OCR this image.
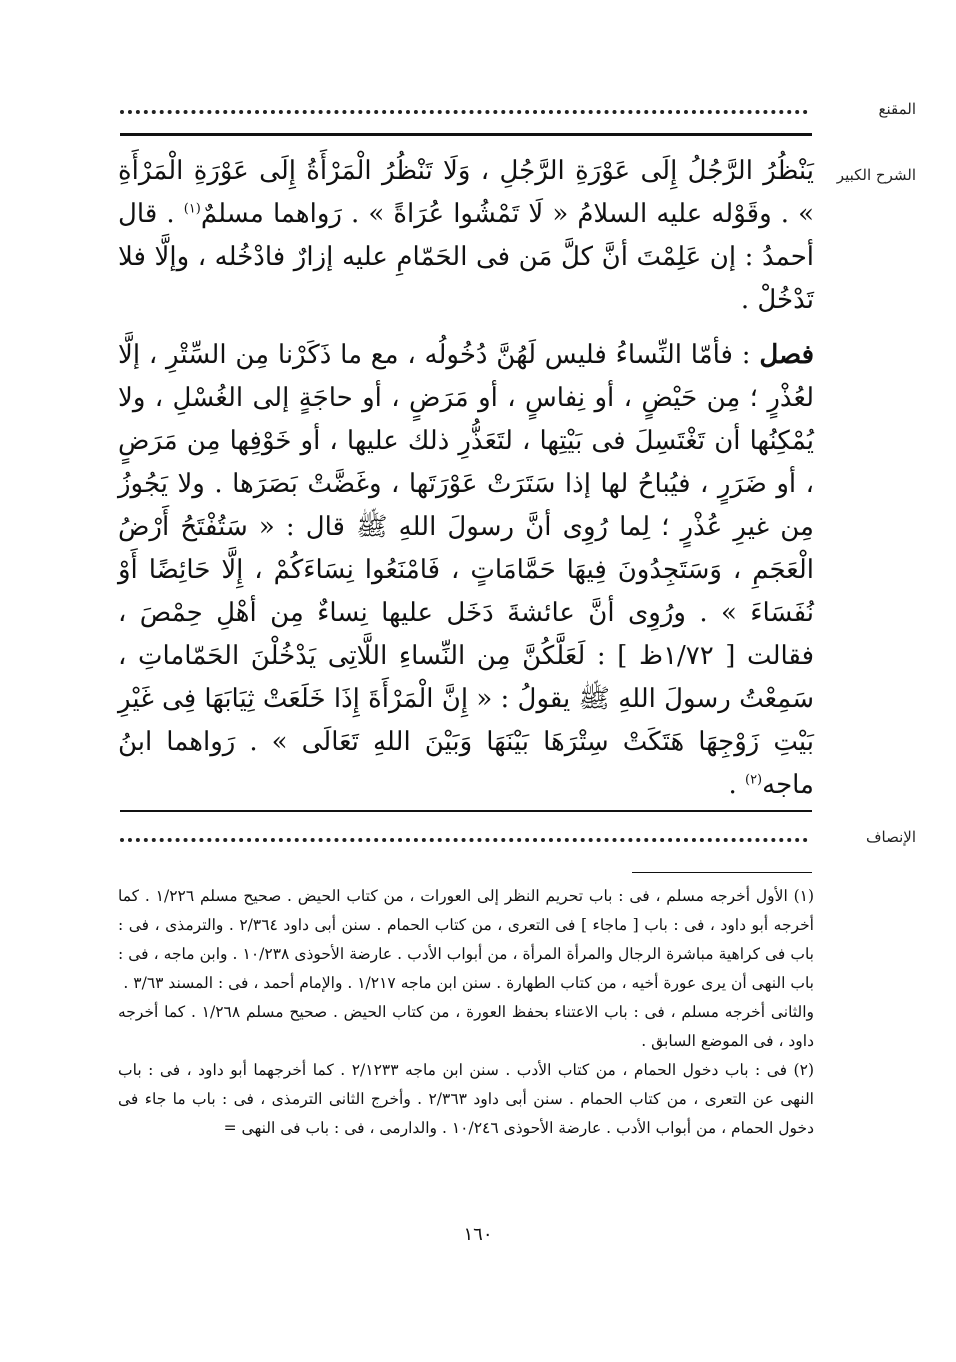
المقنع
الشرح الكبير

يَنْظُرُ الرَّجُلُ إِلَى عَوْرَةِ الرَّجُلِ ، وَلَا تَنْظُرُ الْمَرْأَةُ إِلَى عَوْرَةِ الْمَرْأَةِ » . وقَوْله عليه السلامُ « لَا تَمْشُوا عُرَاةً » . رَواهما مسلمٌ$^{(١)}$ . قال أحمدُ : إن عَلِمْتَ أنَّ كلَّ مَن فى الحَمّامِ عليه إزارٌ فادْخُله ، وإلَّا فلا تَدْخُلْ .

فصل : فأمّا النِّساءُ فليس لَهُنَّ دُخُولُه ، مع ما ذَكَرْنا مِن السِّتْرِ ، إلَّا لعُذْرٍ ؛ مِن حَيْضٍ ، أو نِفاسٍ ، أو مَرَضٍ ، أو حاجَةٍ إلى الغُسْلِ ، ولا يُمْكِنُها أن تَغْتَسِلَ فى بَيْتِها ، لتَعَذُّرِ ذلك عليها ، أو خَوْفِها مِن مَرَضٍ ، أو ضَرَرٍ ، فيُباحُ لها إذا سَتَرَتْ عَوْرَتَها ، وغَضَّتْ بَصَرَها . ولا يَجُوزُ مِن غيرِ عُذْرٍ ؛ لِما رُوِى أنَّ رسولَ اللهِ ﷺ قال : « سَتُفْتَحُ أَرْضُ الْعَجَمِ ، وَسَتَجِدُونَ فِيهَا حَمَّامَاتٍ ، فَامْنَعُوا نِسَاءَكُمْ ، إِلَّا حَائِضًا أَوْ نُفَسَاءَ » . ورُوِى أنَّ عائشةَ دَخَل عليها نِساءٌ مِن أهْلِ حِمْصَ ، فقالت [ ١/٧٢ظ ] : لَعَلَّكُنَّ مِن النِّساءِ اللَّاتِى يَدْخُلْنَ الحَمّاماتِ ، سَمِعْتُ رسولَ اللهِ ﷺ يقولُ : « إِنَّ الْمَرْأَةَ إِذَا خَلَعَتْ ثِيَابَهَا فِى غَيْرِ بَيْتِ زَوْجِهَا هَتَكَتْ سِتْرَهَا بَيْنَهَا وَبَيْنَ اللهِ تَعَالَى » . رَواهما ابنُ ماجه$^{(٢)}$ .

الإنصاف

(١) الأول أخرجه مسلم ، فى : باب تحريم النظر إلى العورات ، من كتاب الحيض . صحيح مسلم ١/٢٢٦ . كما أخرجه أبو داود ، فى : باب [ ماجاء ] فى التعرى ، من كتاب الحمام . سنن أبى داود ٢/٣٦٤ . والترمذى ، فى : باب فى كراهية مباشرة الرجال والمرأة المرأة ، من أبواب الأدب . عارضة الأحوذى ١٠/٢٣٨ . وابن ماجه ، فى : باب النهى أن يرى عورة أخيه ، من كتاب الطهارة . سنن ابن ماجه ١/٢١٧ . والإمام أحمد ، فى : المسند ٣/٦٣ .

والثانى أخرجه مسلم ، فى : باب الاعتناء بحفظ العورة ، من كتاب الحيض . صحيح مسلم ١/٢٦٨ . كما أخرجه داود ، فى الموضع السابق .

(٢) فى : باب دخول الحمام ، من كتاب الأدب . سنن ابن ماجه ٢/١٢٣٣ . كما أخرجهما أبو داود ، فى : باب النهى عن التعرى ، من كتاب الحمام . سنن أبى داود ٢/٣٦٣ . وأخرج الثانى الترمذى ، فى : باب ما جاء فى دخول الحمام ، من أبواب الأدب . عارضة الأحوذى ١٠/٢٤٦ . والدارمى ، فى : باب فى النهى =

١٦٠
